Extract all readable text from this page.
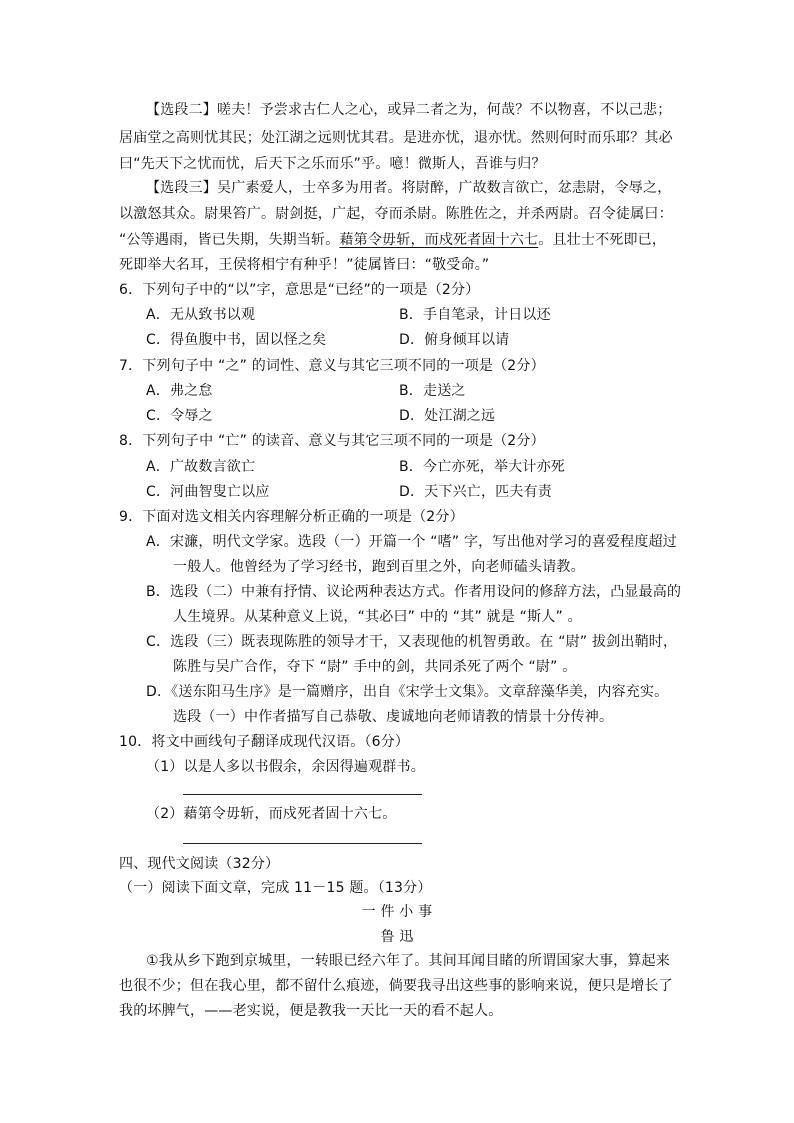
【选段二】嗟夫！予尝求古仁人之心，或异二者之为，何哉？不以物喜，不以己悲；
居庙堂之高则忧其民；处江湖之远则忧其君。是进亦忧，退亦忧。然则何时而乐耶？其必
曰“先天下之忧而忧，后天下之乐而乐”乎。噫！微斯人，吾谁与归？
【选段三】吴广素爱人，士卒多为用者。将尉醉，广故数言欲亡，忿恚尉，令辱之，
以激怒其众。尉果笞广。尉剑挺，广起，夺而杀尉。陈胜佐之，并杀两尉。召令徒属曰：
“公等遇雨，皆已失期，失期当斩。藉第令毋斩，而戍死者固十六七。且壮士不死即已，
死即举大名耳，王侯将相宁有种乎！”徒属皆曰：“敬受命。”
6．下列句子中的“以”字，意思是“已经”的一项是（2分）
A．无从致书以观	B．手自笔录，计日以还
C．得鱼腹中书，固以怪之矣	D．俯身倾耳以请
7．下列句子中 “之” 的词性、意义与其它三项不同的一项是（2分）
A．弗之怠	B．走送之
C．令辱之	D．处江湖之远
8．下列句子中 “亡” 的读音、意义与其它三项不同的一项是（2分）
A．广故数言欲亡	B．今亡亦死，举大计亦死
C．河曲智叟亡以应	D．天下兴亡，匹夫有责
9．下面对选文相关内容理解分析正确的一项是（2分）
A．宋濂，明代文学家。选段（一）开篇一个 “嗜” 字，写出他对学习的喜爱程度超过
一般人。他曾经为了学习经书，跑到百里之外，向老师磕头请教。
B．选段（二）中兼有抒情、议论两种表达方式。作者用设问的修辞方法，凸显最高的
人生境界。从某种意义上说，“其必曰” 中的 “其” 就是 “斯人” 。
C．选段（三）既表现陈胜的领导才干，又表现他的机智勇敢。在 “尉” 拔剑出鞘时，
陈胜与吴广合作，夺下 “尉” 手中的剑，共同杀死了两个 “尉” 。
D．《送东阳马生序》是一篇赠序，出自《宋学士文集》。文章辞藻华美，内容充实。
选段（一）中作者描写自己恭敬、虔诚地向老师请教的情景十分传神。
10．将文中画线句子翻译成现代汉语。（6分）
（1）以是人多以书假余，余因得遍观群书。
（2）藉第令毋斩，而戍死者固十六七。
四、现代文阅读（32分）
（一）阅读下面文章，完成 11－15 题。（13分）
一 件 小 事
鲁 迅
①我从乡下跑到京城里，一转眼已经六年了。其间耳闻目睹的所谓国家大事，算起来
也很不少；但在我心里，都不留什么痕迹，倘要我寻出这些事的影响来说，便只是增长了
我的坏脾气，——老实说，便是教我一天比一天的看不起人。
